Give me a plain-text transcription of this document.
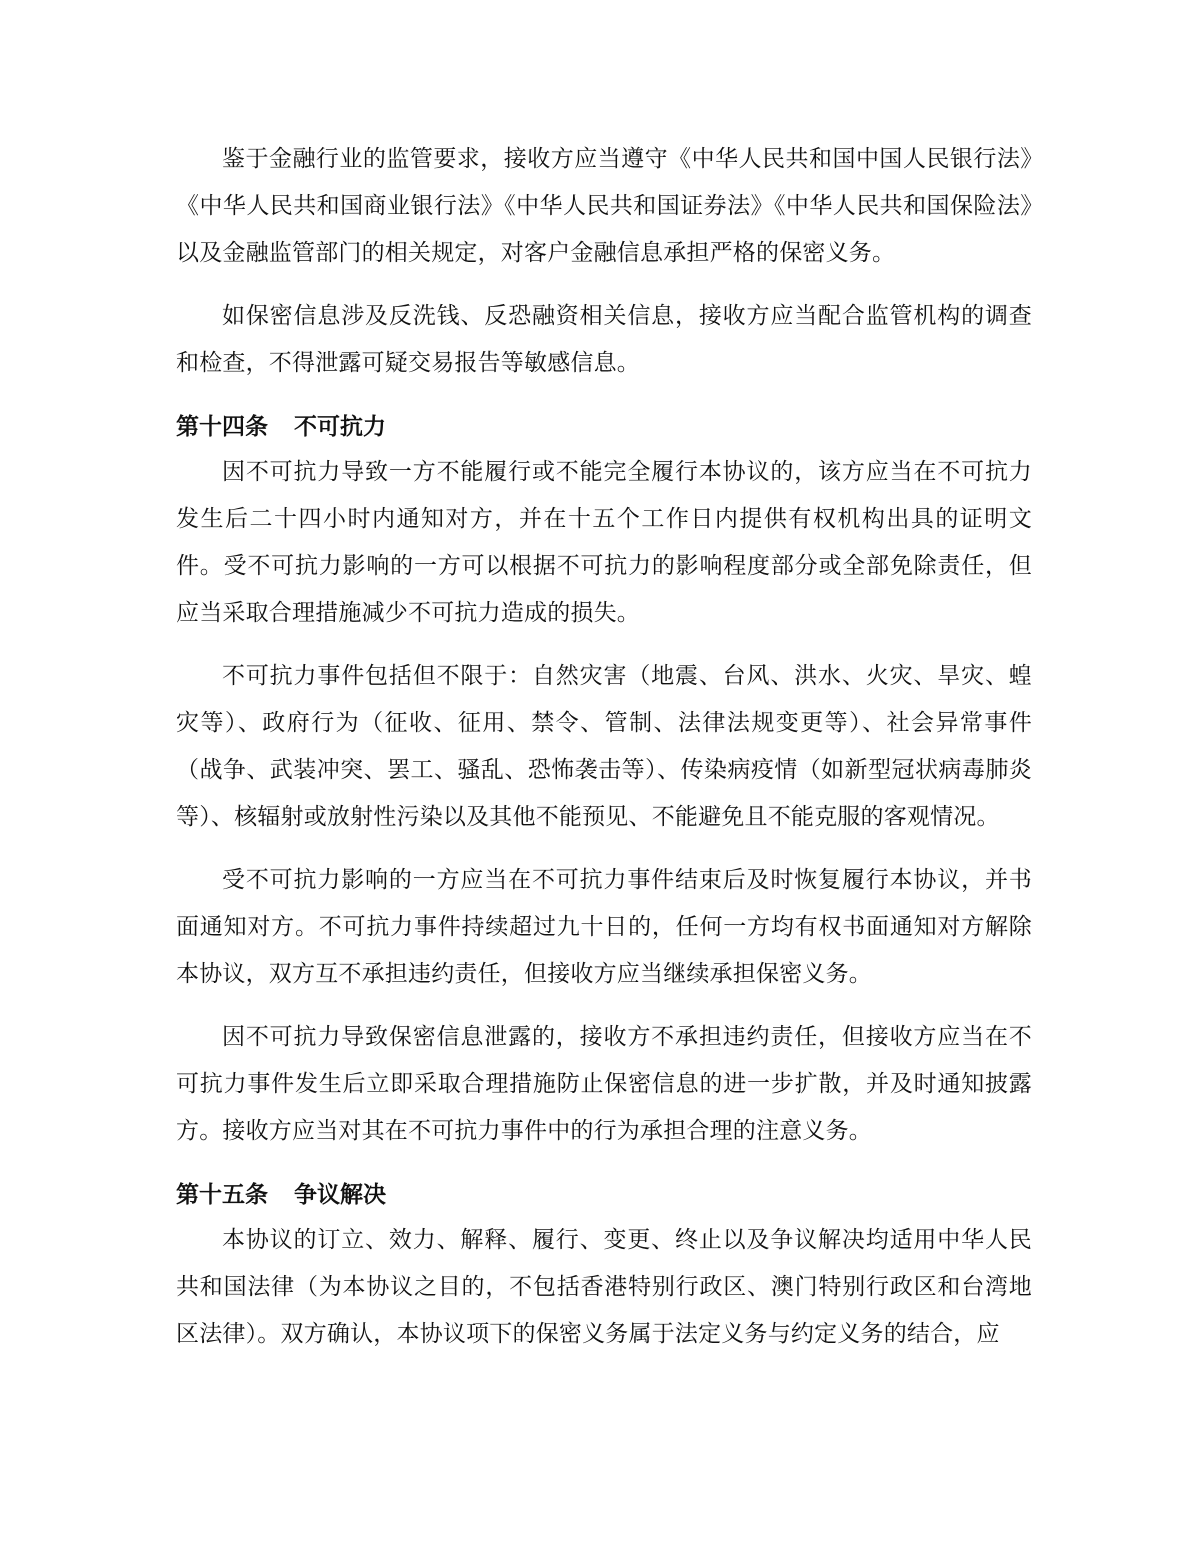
鉴于金融行业的监管要求，接收方应当遵守《中华人民共和国中国人民银行法》《中华人民共和国商业银行法》《中华人民共和国证券法》《中华人民共和国保险法》以及金融监管部门的相关规定，对客户金融信息承担严格的保密义务。

如保密信息涉及反洗钱、反恐融资相关信息，接收方应当配合监管机构的调查和检查，不得泄露可疑交易报告等敏感信息。

第十四条 不可抗力

因不可抗力导致一方不能履行或不能完全履行本协议的，该方应当在不可抗力发生后二十四小时内通知对方，并在十五个工作日内提供有权机构出具的证明文件。受不可抗力影响的一方可以根据不可抗力的影响程度部分或全部免除责任，但应当采取合理措施减少不可抗力造成的损失。

不可抗力事件包括但不限于：自然灾害（地震、台风、洪水、火灾、旱灾、蝗灾等）、政府行为（征收、征用、禁令、管制、法律法规变更等）、社会异常事件（战争、武装冲突、罢工、骚乱、恐怖袭击等）、传染病疫情（如新型冠状病毒肺炎等）、核辐射或放射性污染以及其他不能预见、不能避免且不能克服的客观情况。

受不可抗力影响的一方应当在不可抗力事件结束后及时恢复履行本协议，并书面通知对方。不可抗力事件持续超过九十日的，任何一方均有权书面通知对方解除本协议，双方互不承担违约责任，但接收方应当继续承担保密义务。

因不可抗力导致保密信息泄露的，接收方不承担违约责任，但接收方应当在不可抗力事件发生后立即采取合理措施防止保密信息的进一步扩散，并及时通知披露方。接收方应当对其在不可抗力事件中的行为承担合理的注意义务。

第十五条 争议解决

本协议的订立、效力、解释、履行、变更、终止以及争议解决均适用中华人民共和国法律（为本协议之目的，不包括香港特别行政区、澳门特别行政区和台湾地区法律）。双方确认，本协议项下的保密义务属于法定义务与约定义务的结合，应
